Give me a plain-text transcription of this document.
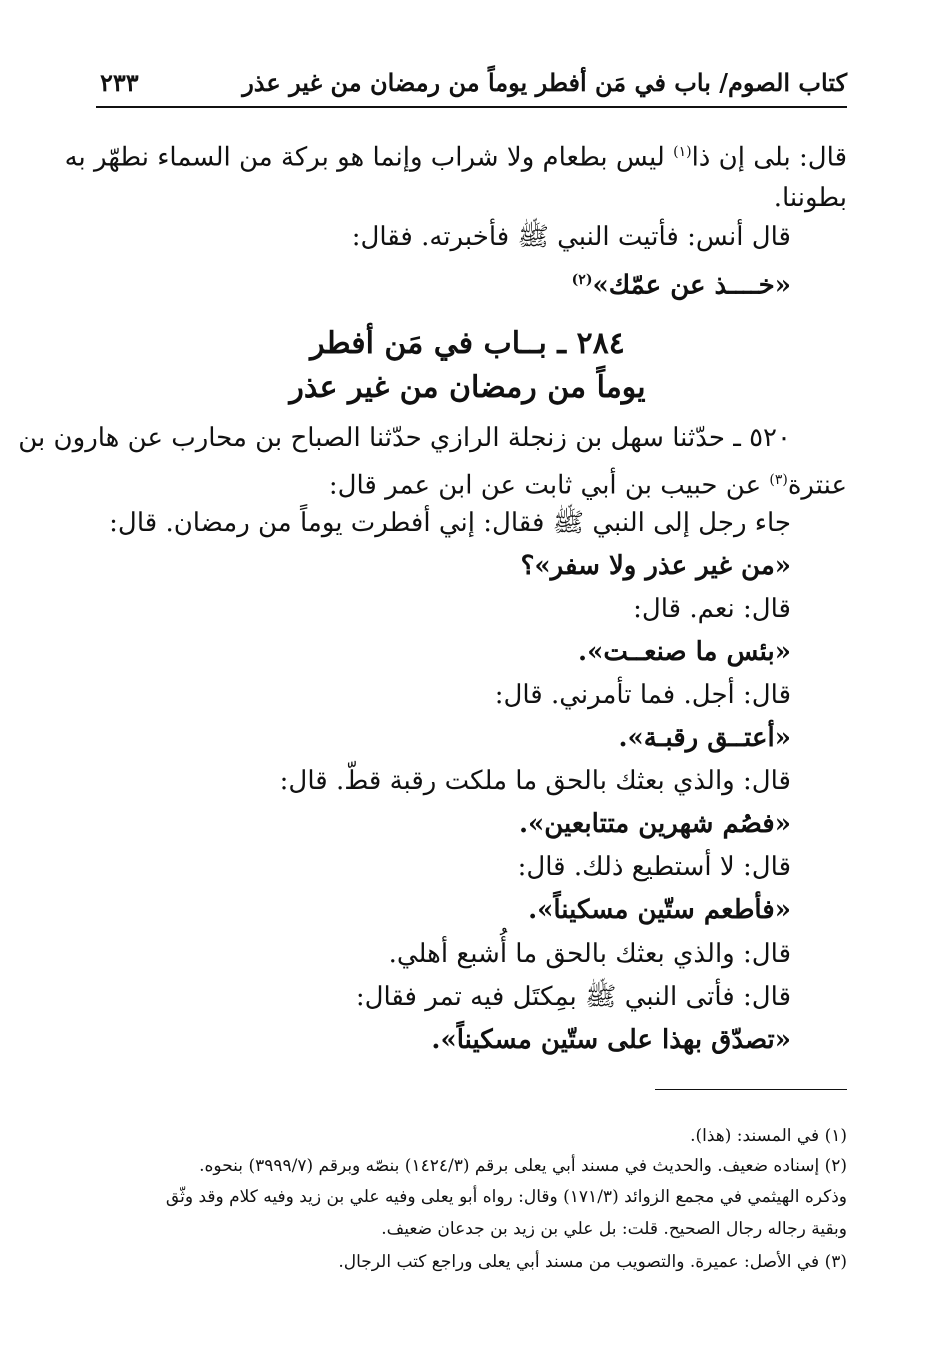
كتاب الصوم/ باب في مَن أفطر يوماً من رمضان من غير عذر
٢٣٣
قال: بلى إن ذا$^{(١)}$ ليس بطعام ولا شراب وإنما هو بركة من السماء نطهّر به
بطوننا.
قال أنس: فأتيت النبي ﷺ فأخبرته. فقال:
«خــــذ عن عمّك»$^{(٢)}$
٢٨٤ ـ بــاب في مَن أفطر
يوماً من رمضان من غير عذر
٥٢٠ ـ حدّثنا سهل بن زنجلة الرازي حدّثنا الصباح بن محارب عن هارون بن
عنترة$^{(٣)}$ عن حبيب بن أبي ثابت عن ابن عمر قال:
جاء رجل إلى النبي ﷺ فقال: إني أفطرت يوماً من رمضان. قال:
«من غير عذر ولا سفر»؟
قال: نعم. قال:
«بئس ما صنعــت».
قال: أجل. فما تأمرني. قال:
«أعتــق رقبـة».
قال: والذي بعثك بالحق ما ملكت رقبة قطّ. قال:
«فصُم شهرين متتابعين».
قال: لا أستطيع ذلك. قال:
«فأطعم ستّين مسكيناً».
قال: والذي بعثك بالحق ما أُشبع أهلي.
قال: فأتى النبي ﷺ بمِكتَل فيه تمر فقال:
«تصدّق بهذا على ستّين مسكيناً».
(١) في المسند: (هذا).
(٢) إسناده ضعيف. والحديث في مسند أبي يعلى برقم (١٤٢٤/٣) بنصّه وبرقم (٣٩٩٩/٧) بنحوه.
وذكره الهيثمي في مجمع الزوائد (١٧١/٣) وقال: رواه أبو يعلى وفيه علي بن زيد وفيه كلام وقد وثّق
وبقية رجاله رجال الصحيح. قلت: بل علي بن زيد بن جدعان ضعيف.
(٣) في الأصل: عميرة. والتصويب من مسند أبي يعلى وراجع كتب الرجال.
